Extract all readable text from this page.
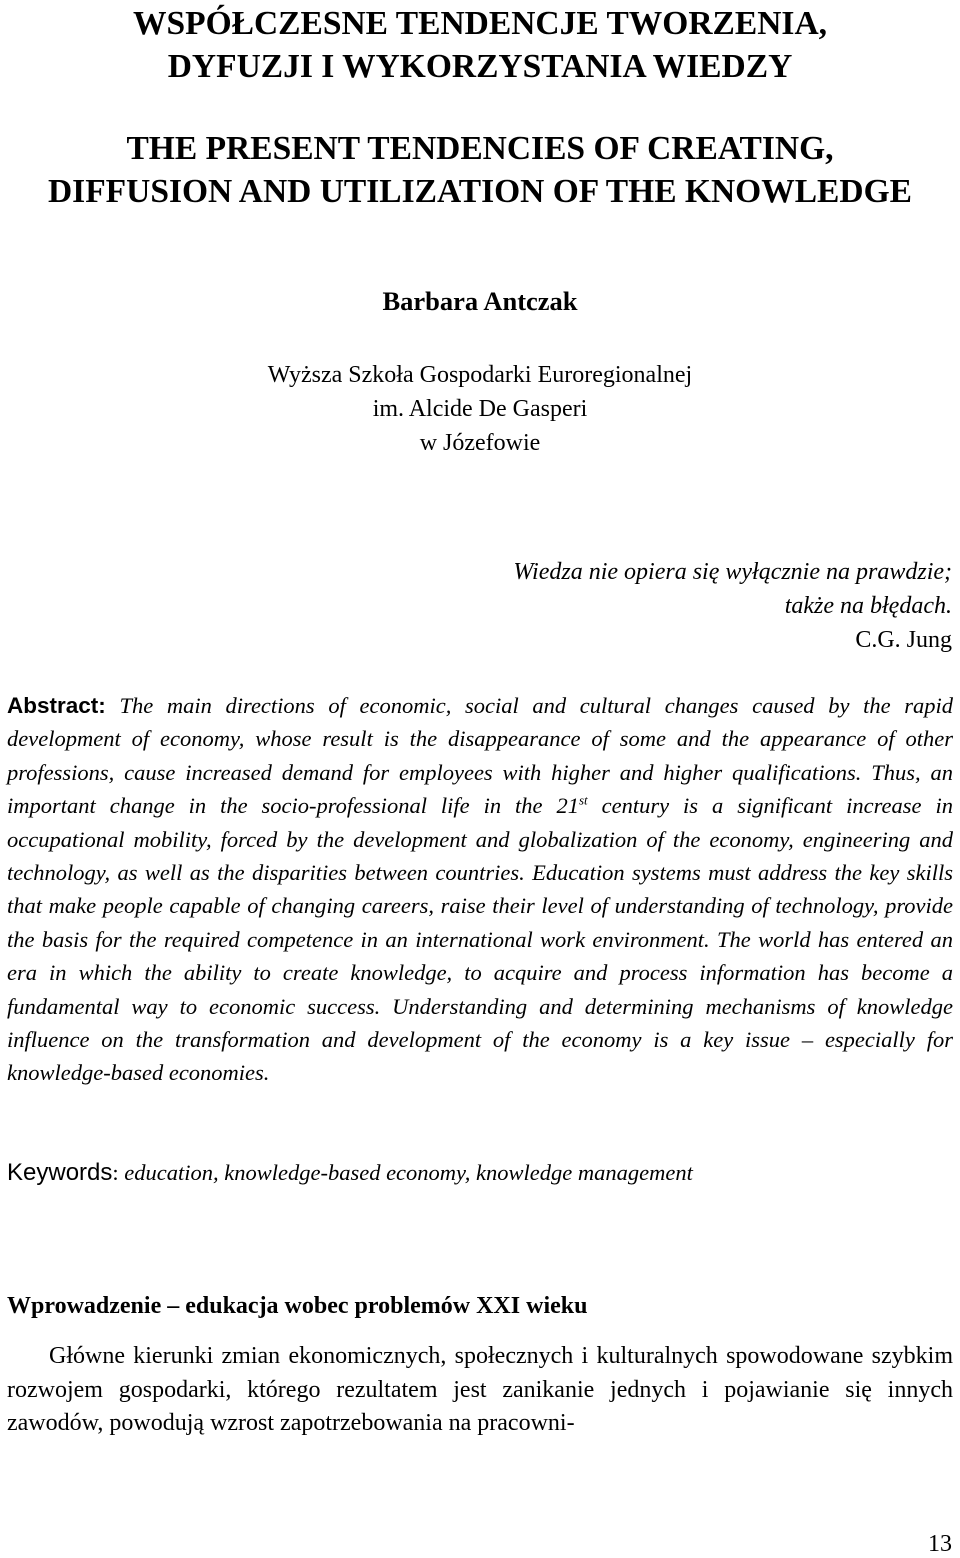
WSPÓŁCZESNE TENDENCJE TWORZENIA,
DYFUZJI I WYKORZYSTANIA WIEDZY
THE PRESENT TENDENCIES OF CREATING,
DIFFUSION AND UTILIZATION OF THE KNOWLEDGE
Barbara Antczak
Wyższa Szkoła Gospodarki Euroregionalnej
im. Alcide De Gasperi
w Józefowie
Wiedza nie opiera się wyłącznie na prawdzie;
także na błędach.
C.G. Jung

Abstract: The main directions of economic, social and cultural changes caused by the rapid development of economy, whose result is the disappearance of some and the appearance of other professions, cause increased demand for employees with higher and higher qualifications. Thus, an important change in the socio-professional life in the 21st century is a significant increase in occupational mobility, forced by the development and globalization of the economy, engineering and technology, as well as the disparities between countries. Education systems must address the key skills that make people capable of changing careers, raise their level of understanding of technology, provide the basis for the required competence in an international work environment. The world has entered an era in which the ability to create knowledge, to acquire and process information has become a fundamental way to economic success. Understanding and determining mechanisms of knowledge influence on the transformation and development of the economy is a key issue – especially for knowledge-based economies.

Keywords: education, knowledge-based economy, knowledge management
Wprowadzenie – edukacja wobec problemów XXI wieku

Główne kierunki zmian ekonomicznych, społecznych i kulturalnych spowodowane szybkim rozwojem gospodarki, którego rezultatem jest zanikanie jednych i pojawianie się innych zawodów, powodują wzrost zapotrzebowania na pracowni-

13
